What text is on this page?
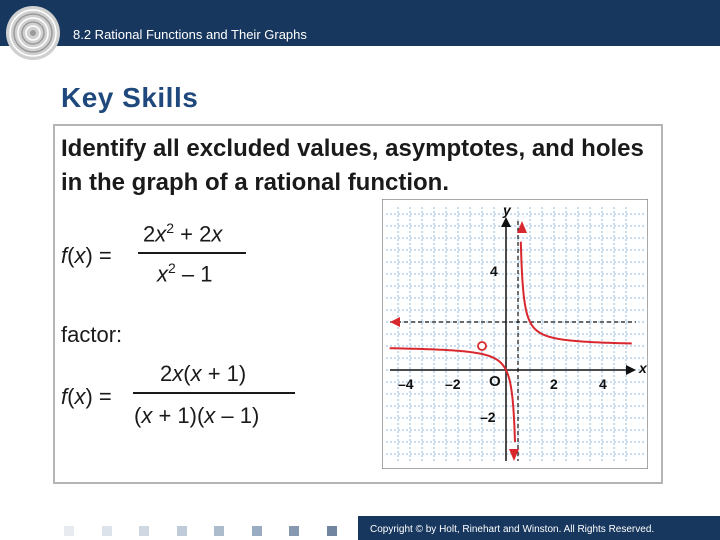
8.2 Rational Functions and Their Graphs
Key Skills
Identify all excluded values, asymptotes, and holes in the graph of a rational function.
f(x) =
$2x^2 + 2x$
$x^2 - 1$
factor:
f(x) =
2x(x + 1)
(x + 1)(x – 1)
x
y
O
–4 –2	2	4
4
–2
Copyright © by Holt, Rinehart and Winston. All Rights Reserved.
